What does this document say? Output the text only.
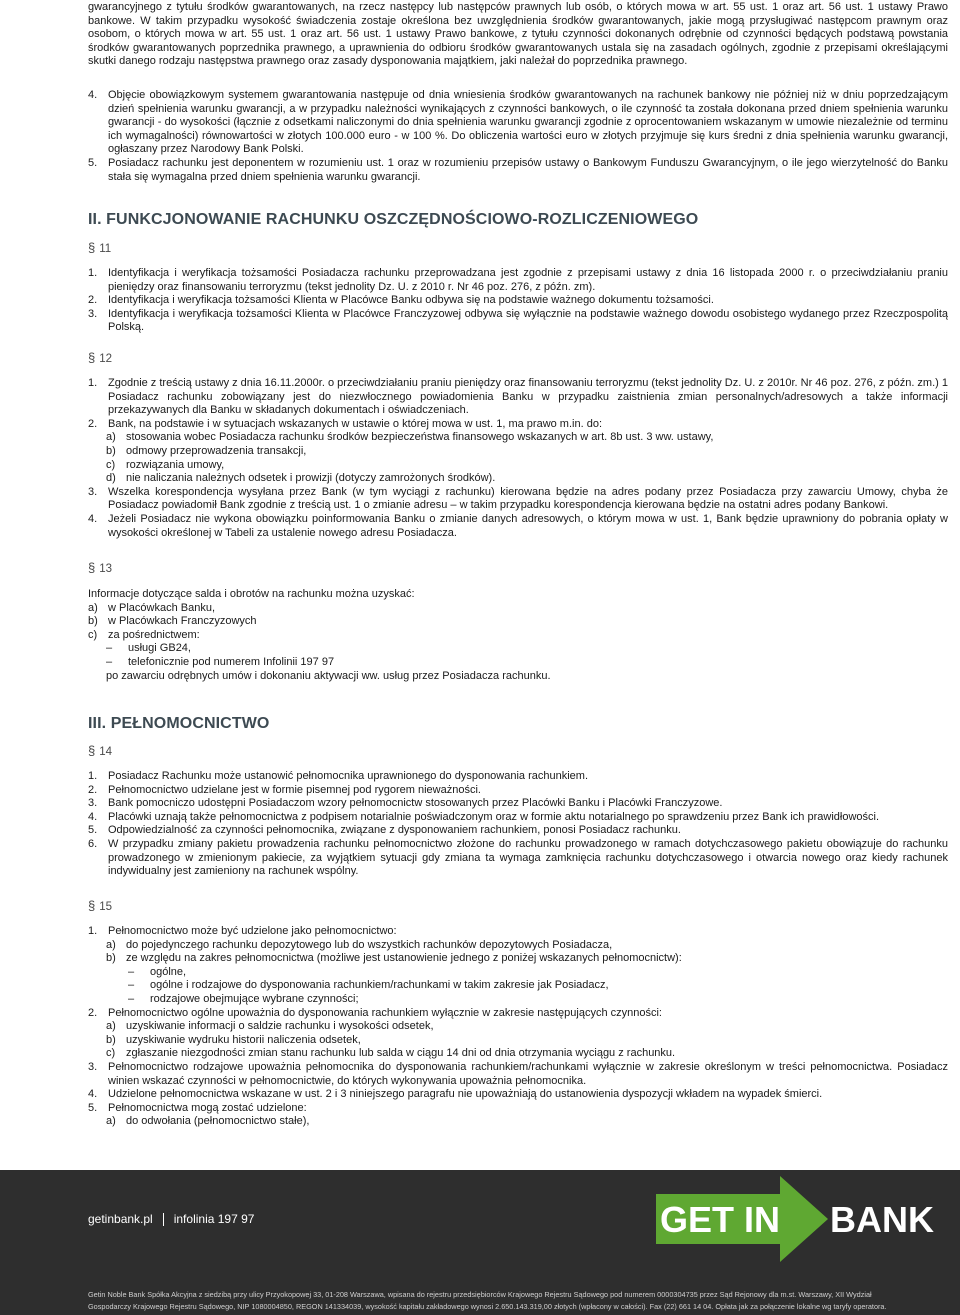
gwarancyjnego z tytułu środków gwarantowanych, na rzecz następcy lub następców prawnych lub osób, o których mowa w art. 55 ust. 1 oraz art. 56 ust. 1 ustawy Prawo bankowe. W takim przypadku wysokość świadczenia zostaje określona bez uwzględnienia środków gwarantowanych, jakie mogą przysługiwać następcom prawnym oraz osobom, o których mowa w art. 55 ust. 1 oraz art. 56 ust. 1 ustawy Prawo bankowe, z tytułu czynności dokonanych odrębnie od czynności będących podstawą powstania środków gwarantowanych poprzednika prawnego, a uprawnienia do odbioru środków gwarantowanych ustala się na zasadach ogólnych, zgodnie z przepisami określającymi skutki danego rodzaju następstwa prawnego oraz zasady dysponowania majątkiem, jaki należał do poprzednika prawnego.
4. Objęcie obowiązkowym systemem gwarantowania następuje od dnia wniesienia środków gwarantowanych na rachunek bankowy nie później niż w dniu poprzedzającym dzień spełnienia warunku gwarancji, a w przypadku należności wynikających z czynności bankowych, o ile czynność ta została dokonana przed dniem spełnienia warunku gwarancji - do wysokości (łącznie z odsetkami naliczonymi do dnia spełnienia warunku gwarancji zgodnie z oprocentowaniem wskazanym w umowie niezależnie od terminu ich wymagalności) równowartości w złotych 100.000 euro - w 100 %. Do obliczenia wartości euro w złotych przyjmuje się kurs średni z dnia spełnienia warunku gwarancji, ogłaszany przez Narodowy Bank Polski.
5. Posiadacz rachunku jest deponentem w rozumieniu ust. 1 oraz w rozumieniu przepisów ustawy o Bankowym Funduszu Gwarancyjnym, o ile jego wierzytelność do Banku stała się wymagalna przed dniem spełnienia warunku gwarancji.
II. FUNKCJONOWANIE RACHUNKU OSZCZĘDNOŚCIOWO-ROZLICZENIOWEGO
§ 11
1. Identyfikacja i weryfikacja tożsamości Posiadacza rachunku przeprowadzana jest zgodnie z przepisami ustawy z dnia 16 listopada 2000 r. o przeciwdziałaniu praniu pieniędzy oraz finansowaniu terroryzmu (tekst jednolity Dz. U. z 2010 r. Nr 46 poz. 276, z późn. zm).
2. Identyfikacja i weryfikacja tożsamości Klienta w Placówce Banku odbywa się na podstawie ważnego dokumentu tożsamości.
3. Identyfikacja i weryfikacja tożsamości Klienta w Placówce Franczyzowej odbywa się wyłącznie na podstawie ważnego dowodu osobistego wydanego przez Rzeczpospolitą Polską.
§ 12
1. Zgodnie z treścią ustawy z dnia 16.11.2000r. o przeciwdziałaniu praniu pieniędzy oraz finansowaniu terroryzmu (tekst jednolity Dz. U. z 2010r. Nr 46 poz. 276, z późn. zm.) 1 Posiadacz rachunku zobowiązany jest do niezwłocznego powiadomienia Banku w przypadku zaistnienia zmian personalnych/adresowych a także informacji przekazywanych dla Banku w składanych dokumentach i oświadczeniach.
2. Bank, na podstawie i w sytuacjach wskazanych w ustawie o której mowa w ust. 1, ma prawo m.in. do:
a) stosowania wobec Posiadacza rachunku środków bezpieczeństwa finansowego wskazanych w art. 8b ust. 3 ww. ustawy,
b) odmowy przeprowadzenia transakcji,
c) rozwiązania umowy,
d) nie naliczania należnych odsetek i prowizji (dotyczy zamrożonych środków).
3. Wszelka korespondencja wysyłana przez Bank (w tym wyciągi z rachunku) kierowana będzie na adres podany przez Posiadacza przy zawarciu Umowy, chyba że Posiadacz powiadomił Bank zgodnie z treścią ust. 1 o zmianie adresu – w takim przypadku korespondencja kierowana będzie na ostatni adres podany Bankowi.
4. Jeżeli Posiadacz nie wykona obowiązku poinformowania Banku o zmianie danych adresowych, o którym mowa w ust. 1, Bank będzie uprawniony do pobrania opłaty w wysokości określonej w Tabeli za ustalenie nowego adresu Posiadacza.
§ 13
Informacje dotyczące salda i obrotów na rachunku można uzyskać:
a) w Placówkach Banku,
b) w Placówkach Franczyzowych
c) za pośrednictwem:
–	usługi GB24,
–	telefonicznie pod numerem Infolinii 197 97
po zawarciu odrębnych umów i dokonaniu aktywacji ww. usług przez Posiadacza rachunku.
III. PEŁNOMOCNICTWO
§ 14
1. Posiadacz Rachunku może ustanowić pełnomocnika uprawnionego do dysponowania rachunkiem.
2. Pełnomocnictwo udzielane jest w formie pisemnej pod rygorem nieważności.
3. Bank pomocniczo udostępni Posiadaczom wzory pełnomocnictw stosowanych przez Placówki Banku i Placówki Franczyzowe.
4. Placówki uznają także pełnomocnictwa z podpisem notarialnie poświadczonym oraz w formie aktu notarialnego po sprawdzeniu przez Bank ich prawidłowości.
5. Odpowiedzialność za czynności pełnomocnika, związane z dysponowaniem rachunkiem, ponosi Posiadacz rachunku.
6. W przypadku zmiany pakietu prowadzenia rachunku pełnomocnictwo złożone do rachunku prowadzonego w ramach dotychczasowego pakietu obowiązuje do rachunku prowadzonego w zmienionym pakiecie, za wyjątkiem sytuacji gdy zmiana ta wymaga zamknięcia rachunku dotychczasowego i otwarcia nowego oraz kiedy rachunek indywidualny jest zamieniony na rachunek wspólny.
§ 15
1. Pełnomocnictwo może być udzielone jako pełnomocnictwo:
a) do pojedynczego rachunku depozytowego lub do wszystkich rachunków depozytowych Posiadacza,
b) ze względu na zakres pełnomocnictwa (możliwe jest ustanowienie jednego z poniżej wskazanych pełnomocnictw):
–	ogólne,
–	ogólne i rodzajowe do dysponowania rachunkiem/rachunkami w takim zakresie jak Posiadacz,
–	rodzajowe obejmujące wybrane czynności;
2. Pełnomocnictwo ogólne upoważnia do dysponowania rachunkiem wyłącznie w zakresie następujących czynności:
a) uzyskiwanie informacji o saldzie rachunku i wysokości odsetek,
b) uzyskiwanie wydruku historii naliczenia odsetek,
c) zgłaszanie niezgodności zmian stanu rachunku lub salda w ciągu 14 dni od dnia otrzymania wyciągu z rachunku.
3. Pełnomocnictwo rodzajowe upoważnia pełnomocnika do dysponowania rachunkiem/rachunkami wyłącznie w zakresie określonym w treści pełnomocnictwa. Posiadacz winien wskazać czynności w pełnomocnictwie, do których wykonywania upoważnia pełnomocnika.
4. Udzielone pełnomocnictwa wskazane w ust. 2 i 3 niniejszego paragrafu nie upoważniają do ustanowienia dyspozycji wkładem na wypadek śmierci.
5. Pełnomocnictwa mogą zostać udzielone:
a) do odwołania (pełnomocnictwo stałe),
getinbank.pl infolinia 197 97	GET IN BANK
Getin Noble Bank Spółka Akcyjna z siedzibą przy ulicy Przyokopowej 33, 01-208 Warszawa, wpisana do rejestru przedsiębiorców Krajowego Rejestru Sądowego pod numerem 0000304735 przez Sąd Rejonowy dla m.st. Warszawy, XII Wydział
Gospodarczy Krajowego Rejestru Sądowego, NIP 1080004850, REGON 141334039, wysokość kapitału zakładowego wynosi 2.650.143.319,00 złotych (wpłacony w całości). Fax (22) 661 14 04. Opłata jak za połączenie lokalne wg taryfy operatora.
